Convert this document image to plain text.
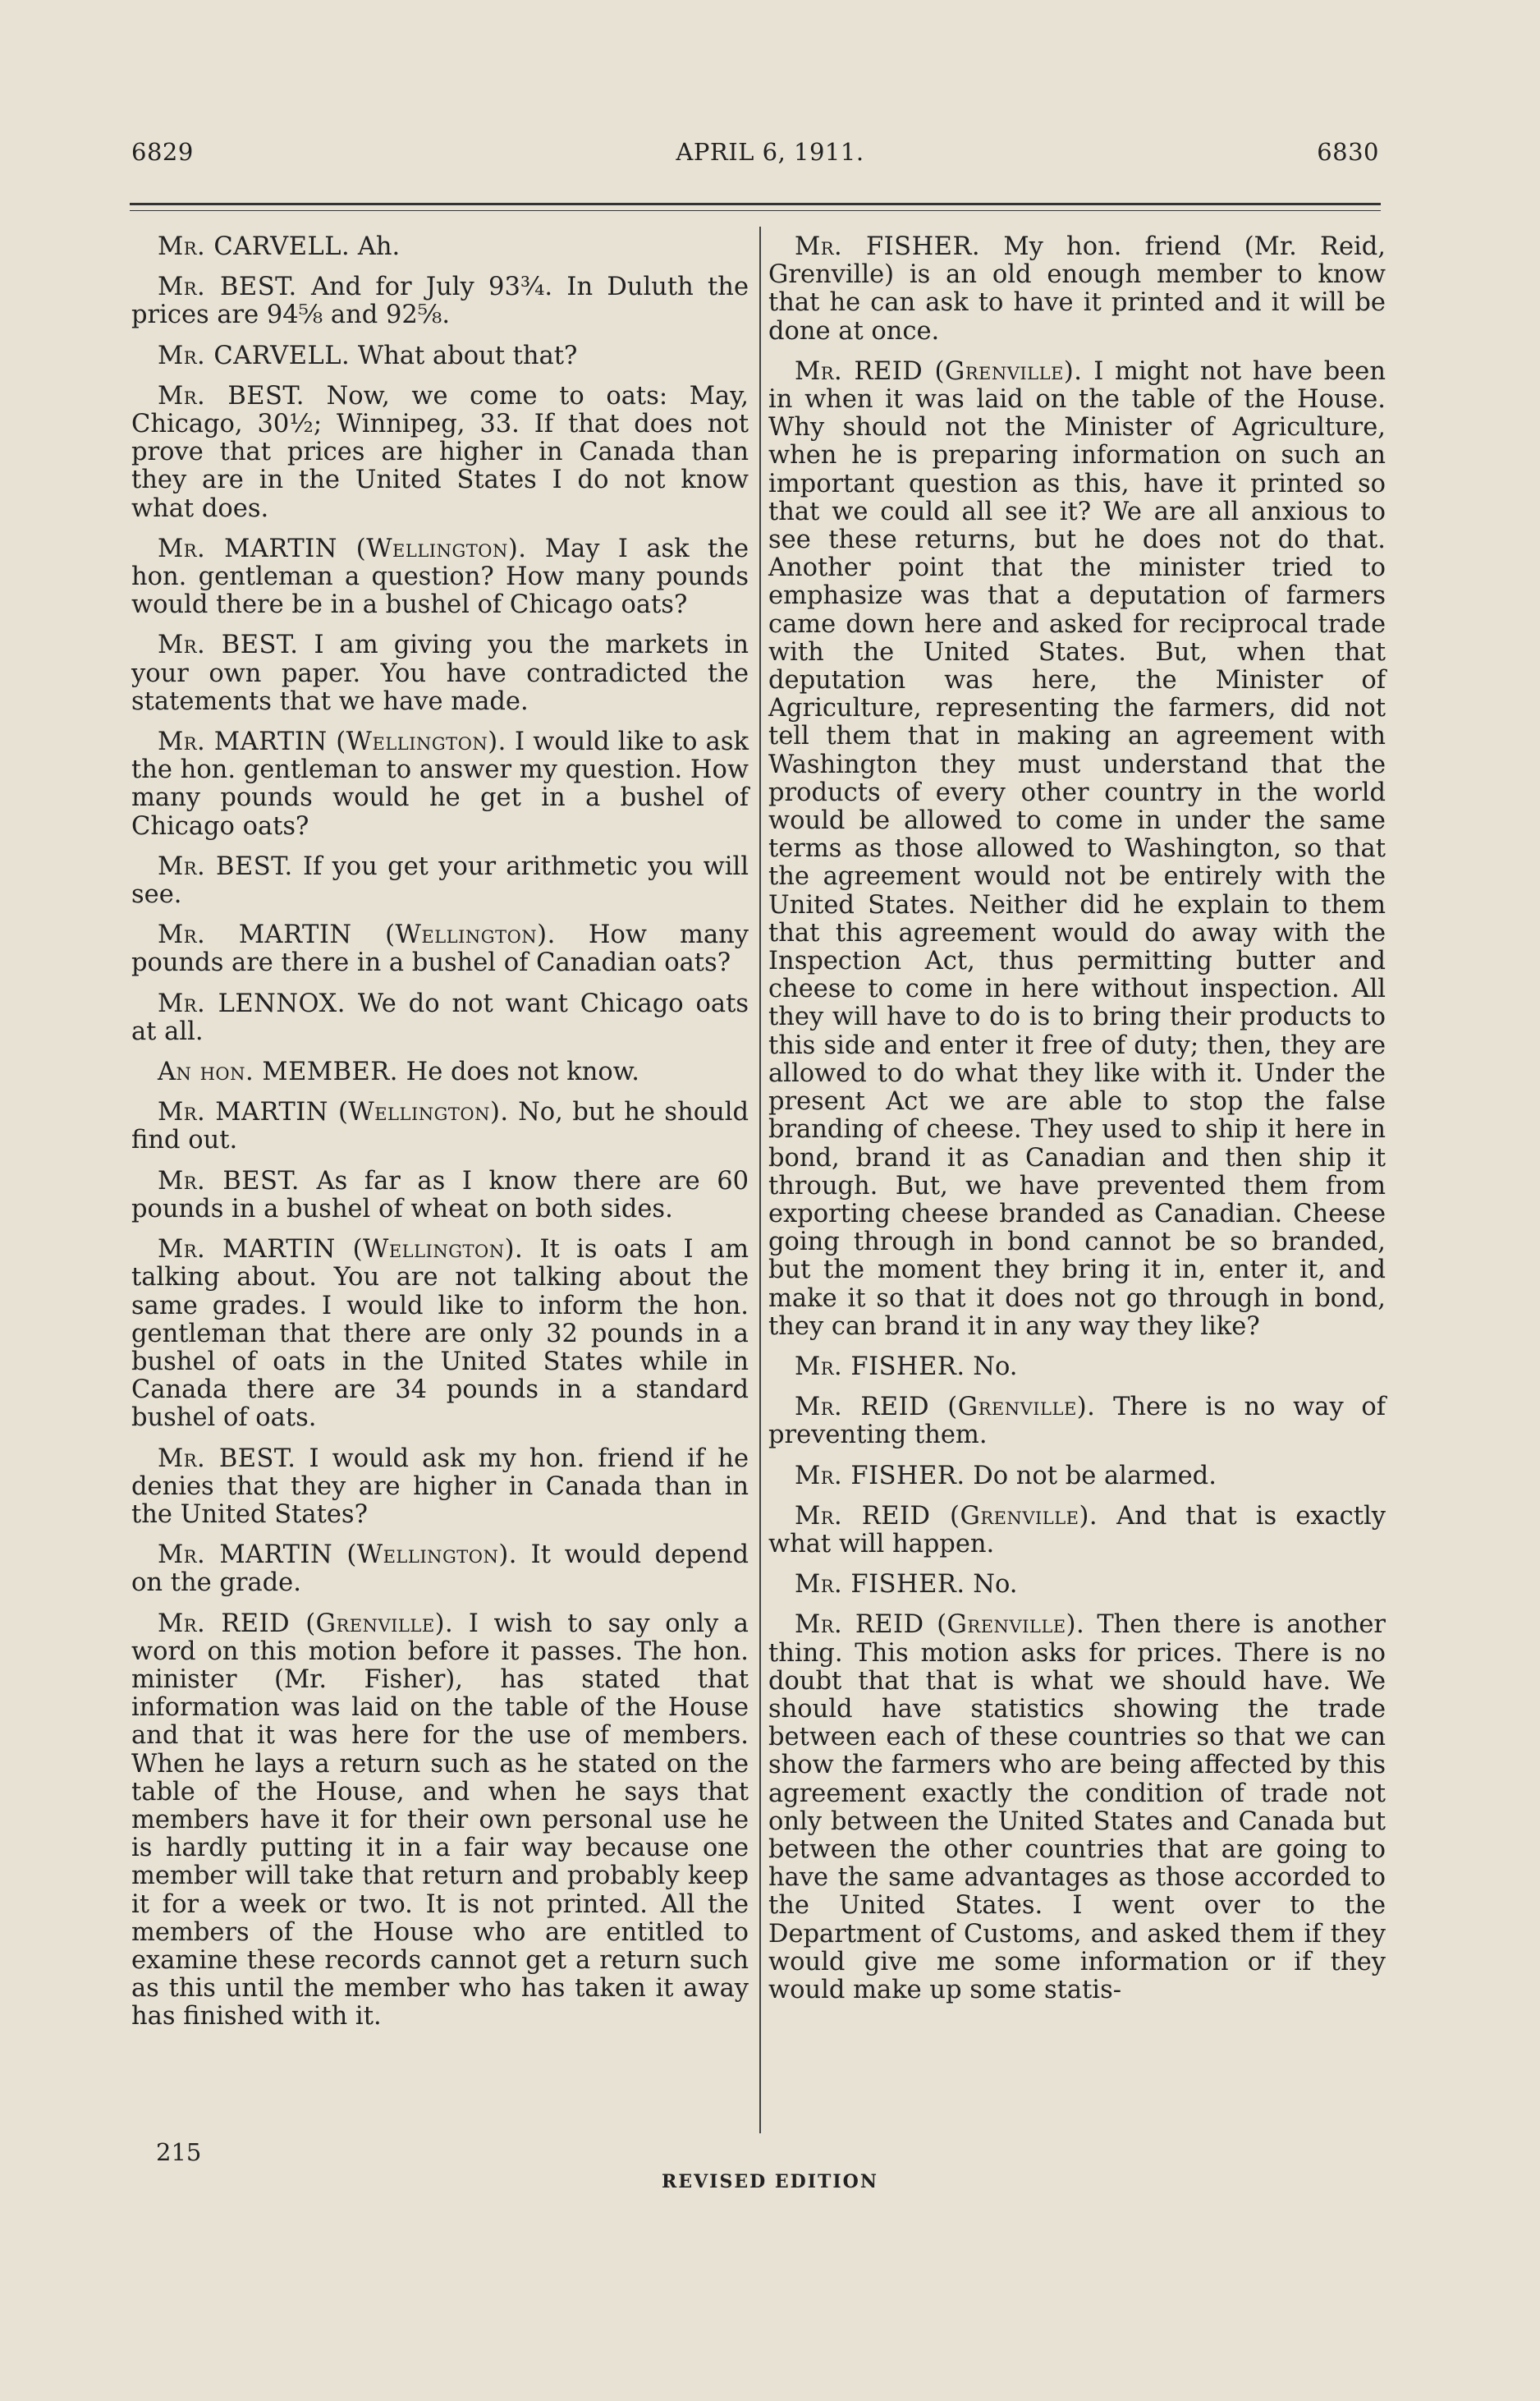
APRIL 6, 1911.
6829	6830

Mr. CARVELL. Ah.

Mr. BEST. And for July 93¾. In Duluth the prices are 94⅝ and 92⅝.

Mr. CARVELL. What about that?

Mr. BEST. Now, we come to oats: May, Chicago, 30½; Winnipeg, 33. If that does not prove that prices are higher in Canada than they are in the United States I do not know what does.

Mr. MARTIN (Wellington). May I ask the hon. gentleman a question? How many pounds would there be in a bushel of Chicago oats?

Mr. BEST. I am giving you the markets in your own paper. You have contradicted the statements that we have made.

Mr. MARTIN (Wellington). I would like to ask the hon. gentleman to answer my question. How many pounds would he get in a bushel of Chicago oats?

Mr. BEST. If you get your arithmetic you will see.

Mr. MARTIN (Wellington). How many pounds are there in a bushel of Canadian oats?

Mr. LENNOX. We do not want Chicago oats at all.

An hon. MEMBER. He does not know.

Mr. MARTIN (Wellington). No, but he should find out.

Mr. BEST. As far as I know there are 60 pounds in a bushel of wheat on both sides.

Mr. MARTIN (Wellington). It is oats I am talking about. You are not talking about the same grades. I would like to inform the hon. gentleman that there are only 32 pounds in a bushel of oats in the United States while in Canada there are 34 pounds in a standard bushel of oats.

Mr. BEST. I would ask my hon. friend if he denies that they are higher in Canada than in the United States?

Mr. MARTIN (Wellington). It would depend on the grade.

Mr. REID (Grenville). I wish to say only a word on this motion before it passes. The hon. minister (Mr. Fisher), has stated that information was laid on the table of the House and that it was here for the use of members. When he lays a return such as he stated on the table of the House, and when he says that members have it for their own personal use he is hardly putting it in a fair way because one member will take that return and probably keep it for a week or two. It is not printed. All the members of the House who are entitled to examine these records cannot get a return such as this until the member who has taken it away has finished with it.

Mr. FISHER. My hon. friend (Mr. Reid, Grenville) is an old enough member to know that he can ask to have it printed and it will be done at once.

Mr. REID (Grenville). I might not have been in when it was laid on the table of the House. Why should not the Minister of Agriculture, when he is preparing information on such an important question as this, have it printed so that we could all see it? We are all anxious to see these returns, but he does not do that. Another point that the minister tried to emphasize was that a deputation of farmers came down here and asked for reciprocal trade with the United States. But, when that deputation was here, the Minister of Agriculture, representing the farmers, did not tell them that in making an agreement with Washington they must understand that the products of every other country in the world would be allowed to come in under the same terms as those allowed to Washington, so that the agreement would not be entirely with the United States. Neither did he explain to them that this agreement would do away with the Inspection Act, thus permitting butter and cheese to come in here without inspection. All they will have to do is to bring their products to this side and enter it free of duty; then, they are allowed to do what they like with it. Under the present Act we are able to stop the false branding of cheese. They used to ship it here in bond, brand it as Canadian and then ship it through. But, we have prevented them from exporting cheese branded as Canadian. Cheese going through in bond cannot be so branded, but the moment they bring it in, enter it, and make it so that it does not go through in bond, they can brand it in any way they like?

Mr. FISHER. No.

Mr. REID (Grenville). There is no way of preventing them.

Mr. FISHER. Do not be alarmed.

Mr. REID (Grenville). And that is exactly what will happen.

Mr. FISHER. No.

Mr. REID (Grenville). Then there is another thing. This motion asks for prices. There is no doubt that that is what we should have. We should have statistics showing the trade between each of these countries so that we can show the farmers who are being affected by this agreement exactly the condition of trade not only between the United States and Canada but between the other countries that are going to have the same advantages as those accorded to the United States. I went over to the Department of Customs, and asked them if they would give me some information or if they would make up some statis-

215
REVISED EDITION
